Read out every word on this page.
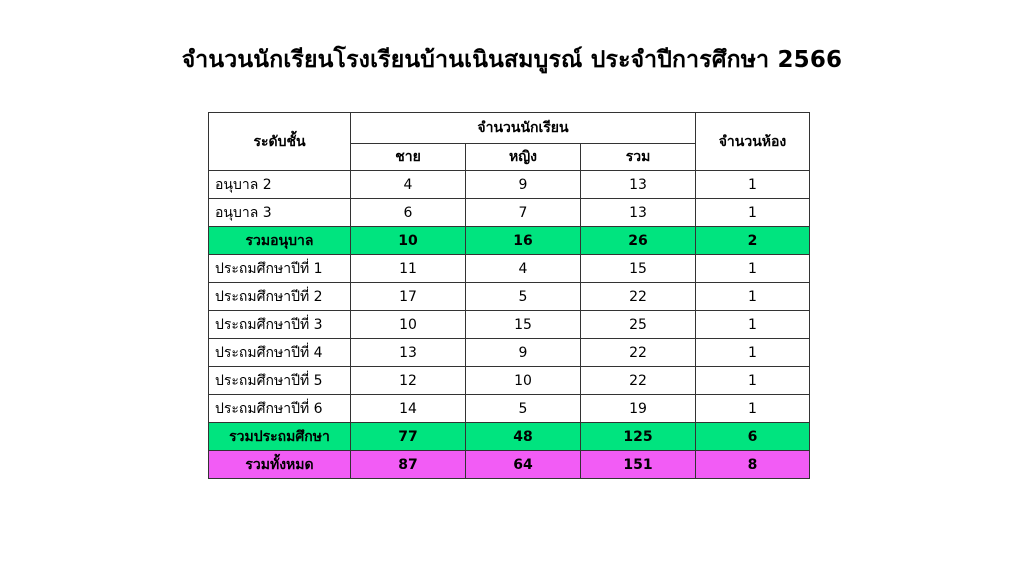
จำนวนนักเรียนโรงเรียนบ้านเนินสมบูรณ์ ประจำปีการศึกษา 2566
ระดับชั้น	จำนวนนักเรียน			จำนวนห้อง
	ชาย	หญิง	รวม	
อนุบาล 2	4	9	13	1
อนุบาล 3	6	7	13	1
รวมอนุบาล	10	16	26	2
ประถมศึกษาปีที่ 1	11	4	15	1
ประถมศึกษาปีที่ 2	17	5	22	1
ประถมศึกษาปีที่ 3	10	15	25	1
ประถมศึกษาปีที่ 4	13	9	22	1
ประถมศึกษาปีที่ 5	12	10	22	1
ประถมศึกษาปีที่ 6	14	5	19	1
รวมประถมศึกษา	77	48	125	6
รวมทั้งหมด	87	64	151	8
